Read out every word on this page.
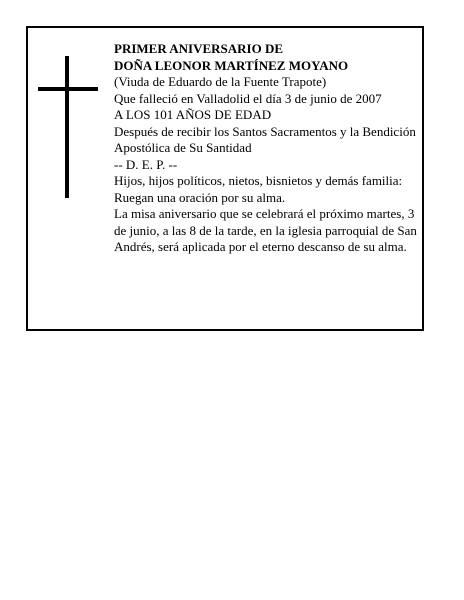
PRIMER ANIVERSARIO DE
DOÑA LEONOR MARTÍNEZ MOYANO
(Viuda de Eduardo de la Fuente Trapote)
Que falleció en Valladolid el día 3 de junio de 2007
A LOS 101 AÑOS DE EDAD
Después de recibir los Santos Sacramentos y la Bendición Apostólica de Su Santidad
-- D. E. P. --
Hijos, hijos políticos, nietos, bisnietos y demás familia:
Ruegan una oración por su alma.
La misa aniversario que se celebrará el próximo martes, 3 de junio, a las 8 de la tarde, en la iglesia parroquial de San Andrés, será aplicada por el eterno descanso de su alma.
